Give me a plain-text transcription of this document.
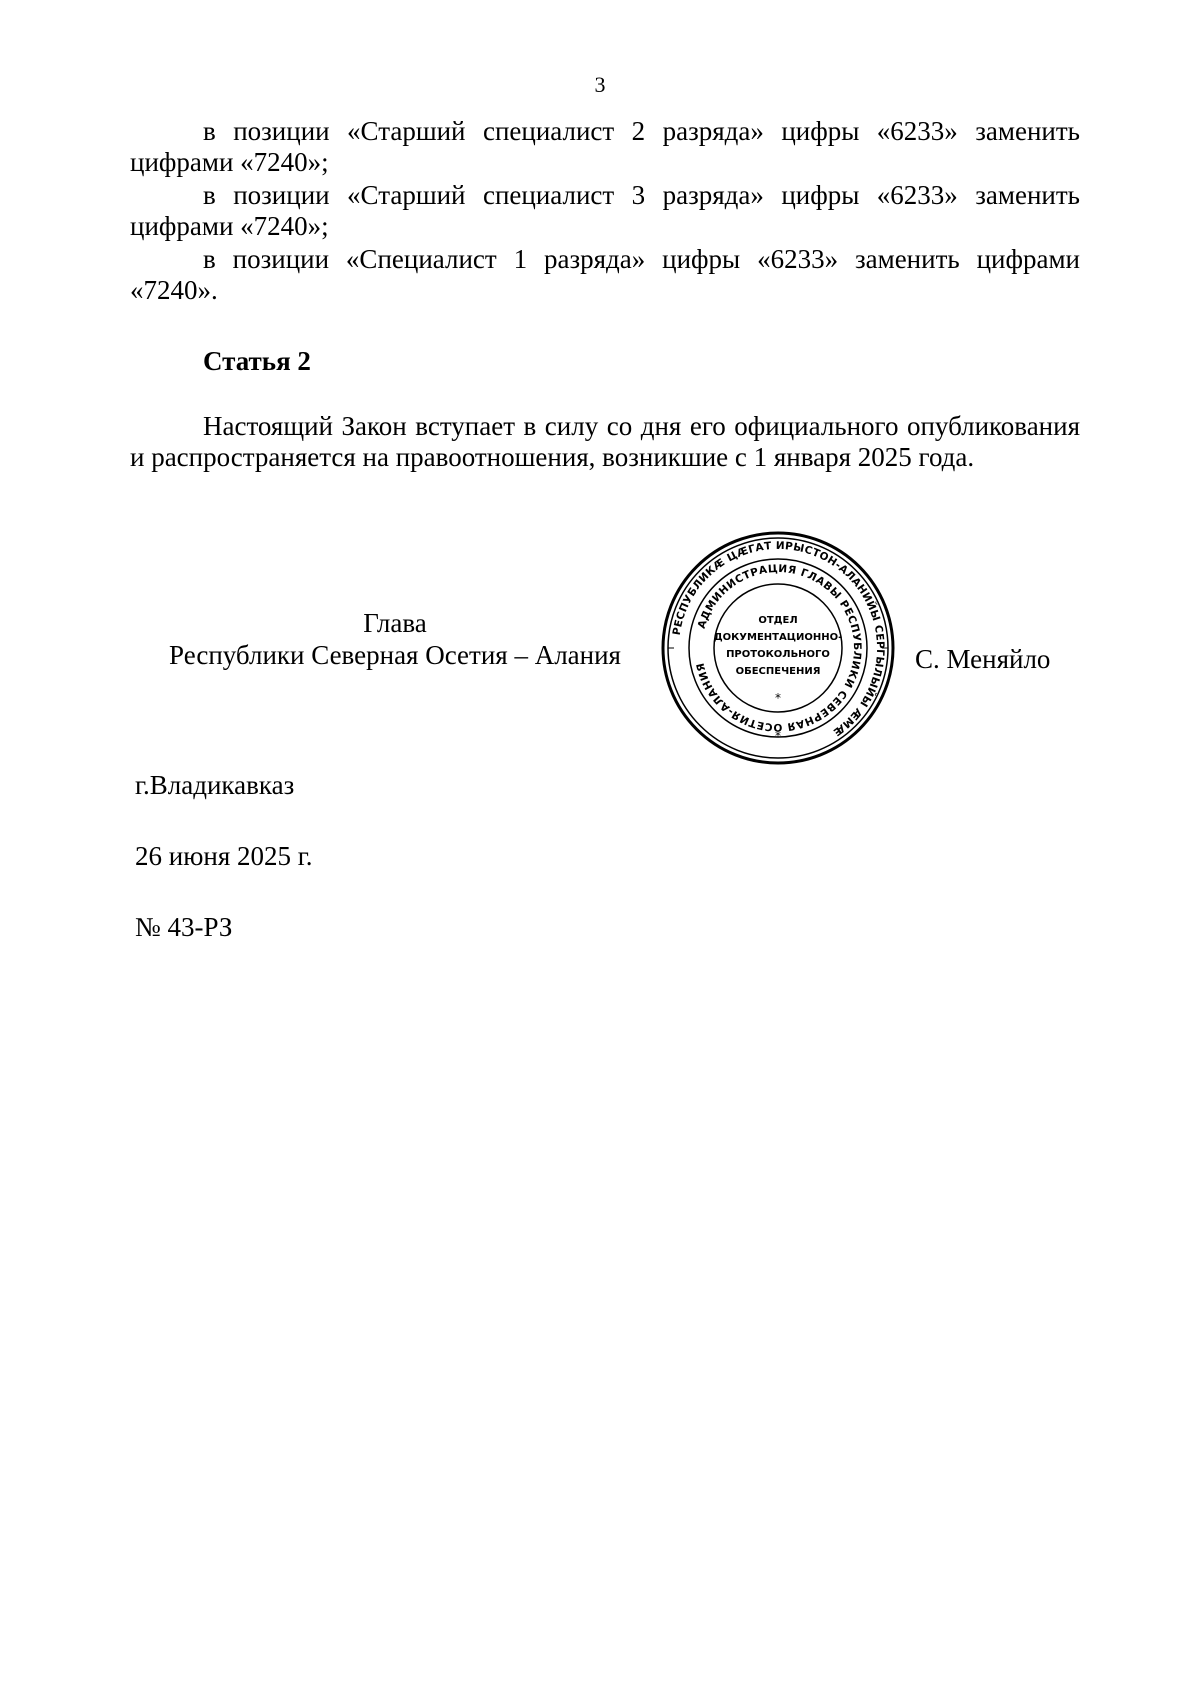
3

в позиции «Старший специалист 2 разряда» цифры «6233» заменить цифрами «7240»;

в позиции «Старший специалист 3 разряда» цифры «6233» заменить цифрами «7240»;

в позиции «Специалист 1 разряда» цифры «6233» заменить цифрами «7240».

Статья 2

Настоящий Закон вступает в силу со дня его официального опубликования и распространяется на правоотношения, возникшие с 1 января 2025 года.

Глава
Республики Северная Осетия – Алания
РЕСПУБЛИКӔ ЦӔГАТ ИРЫСТОН-АЛАНИЙЫ СЕРГЫЛЫЙЫ ӔМӔ
АДМИНИСТРАЦИЯ ГЛАВЫ РЕСПУБЛИКИ СЕВЕРНАЯ ОСЕТИЯ-АЛАНИЯ
ОТДЕЛ
ДОКУМЕНТАЦИОННО-
ПРОТОКОЛЬНОГО
ОБЕСПЕЧЕНИЯ
*
*
С. Меняйло
г.Владикавказ
26 июня 2025 г.
№ 43-РЗ
